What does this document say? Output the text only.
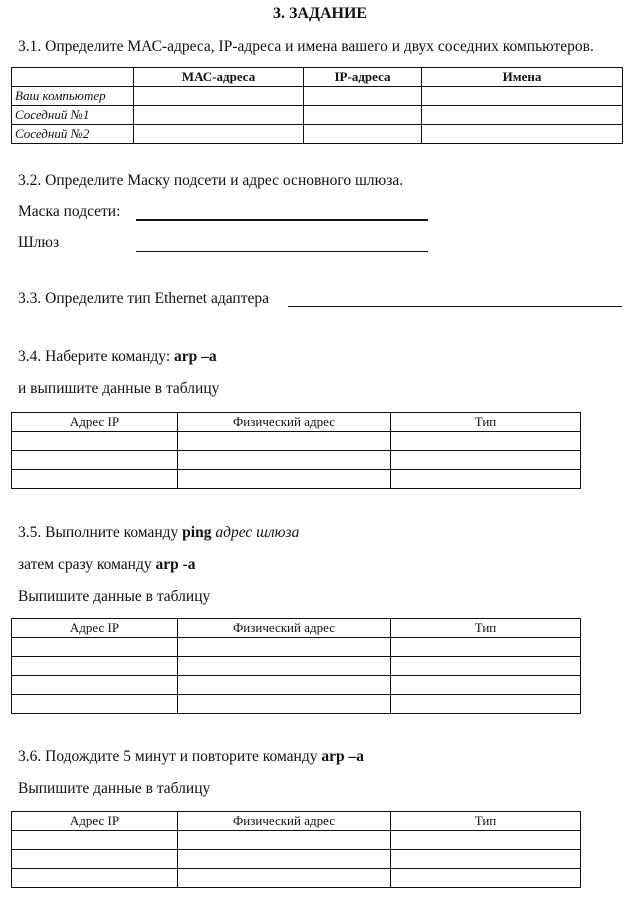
3. ЗАДАНИЕ
3.1. Определите МАС-адреса, IP-адреса и имена вашего и двух соседних компьютеров.
	МАС-адреса	IP-адреса	Имена
Ваш компьютер			
Соседний №1			
Соседний №2			
3.2. Определите Маску подсети и адрес основного шлюза.
Маска подсети:
Шлюз
3.3. Определите тип Ethernet адаптера
3.4. Наберите команду: arp –a
и выпишите данные в таблицу
Адрес IP	Физический адрес	Тип

3.5. Выполните команду ping адрес шлюза
затем сразу команду arp -a
Выпишите данные в таблицу
Адрес IP	Физический адрес	Тип

3.6. Подождите 5 минут и повторите команду arp –a
Выпишите данные в таблицу
Адрес IP	Физический адрес	Тип
